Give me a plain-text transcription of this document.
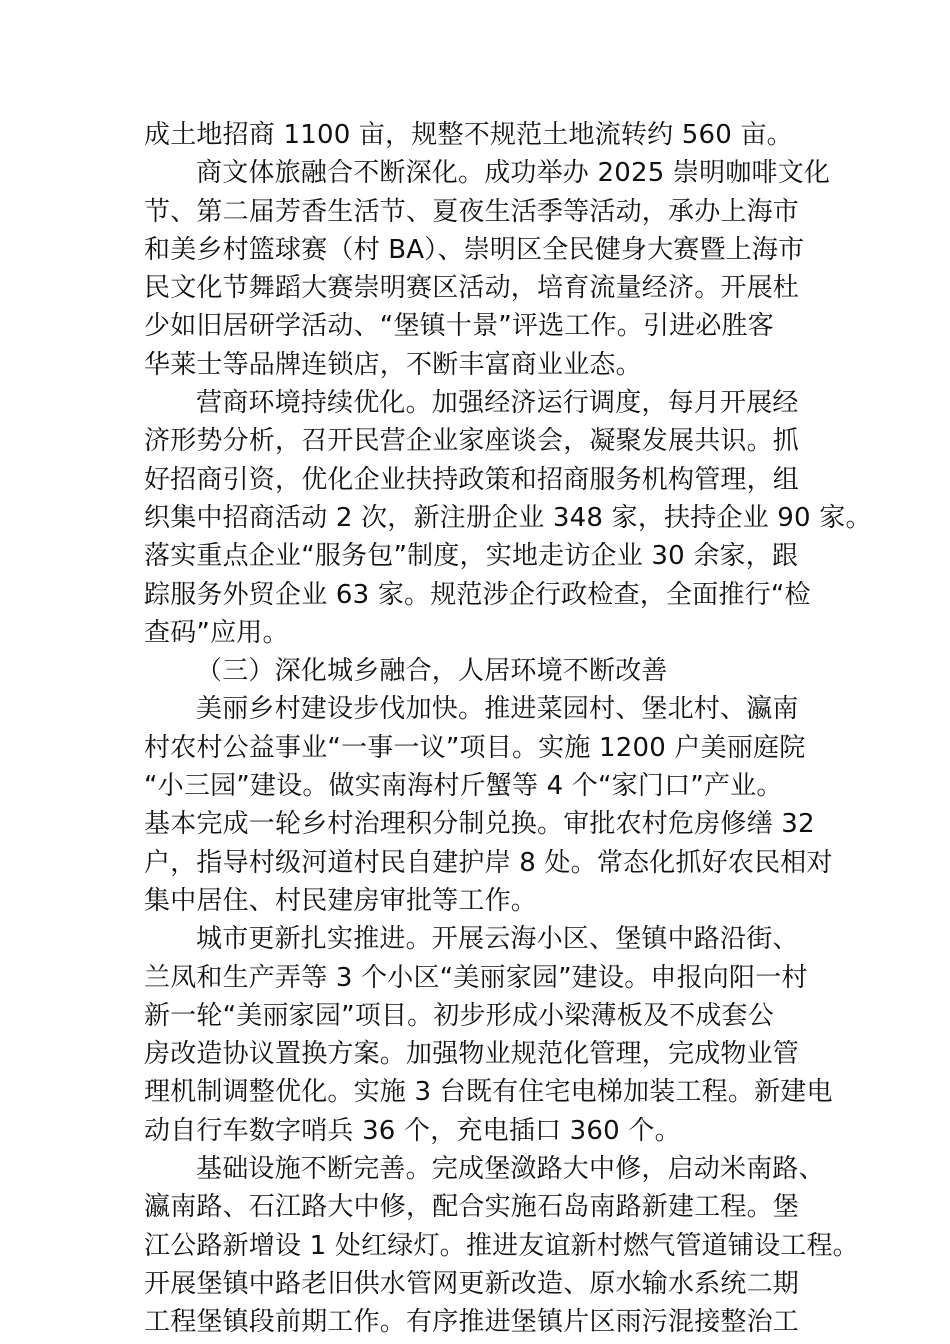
成土地招商 1100 亩，规整不规范土地流转约 560 亩。
商文体旅融合不断深化。成功举办 2025 崇明咖啡文化
节、第二届芳香生活节、夏夜生活季等活动，承办上海市
和美乡村篮球赛（村 BA）、崇明区全民健身大赛暨上海市
民文化节舞蹈大赛崇明赛区活动，培育流量经济。开展杜
少如旧居研学活动、“堡镇十景”评选工作。引进必胜客
华莱士等品牌连锁店，不断丰富商业业态。
营商环境持续优化。加强经济运行调度，每月开展经
济形势分析，召开民营企业家座谈会，凝聚发展共识。抓
好招商引资，优化企业扶持政策和招商服务机构管理，组
织集中招商活动 2 次，新注册企业 348 家，扶持企业 90 家。
落实重点企业“服务包”制度，实地走访企业 30 余家，跟
踪服务外贸企业 63 家。规范涉企行政检查，全面推行“检
查码”应用。
（三）深化城乡融合，人居环境不断改善
美丽乡村建设步伐加快。推进菜园村、堡北村、瀛南
村农村公益事业“一事一议”项目。实施 1200 户美丽庭院
“小三园”建设。做实南海村斤蟹等 4 个“家门口”产业。
基本完成一轮乡村治理积分制兑换。审批农村危房修缮 32
户，指导村级河道村民自建护岸 8 处。常态化抓好农民相对
集中居住、村民建房审批等工作。
城市更新扎实推进。开展云海小区、堡镇中路沿街、
兰凤和生产弄等 3 个小区“美丽家园”建设。申报向阳一村
新一轮“美丽家园”项目。初步形成小梁薄板及不成套公
房改造协议置换方案。加强物业规范化管理，完成物业管
理机制调整优化。实施 3 台既有住宅电梯加装工程。新建电
动自行车数字哨兵 36 个，充电插口 360 个。
基础设施不断完善。完成堡潋路大中修，启动米南路、
瀛南路、石江路大中修，配合实施石岛南路新建工程。堡
江公路新增设 1 处红绿灯。推进友谊新村燃气管道铺设工程。
开展堡镇中路老旧供水管网更新改造、原水输水系统二期
工程堡镇段前期工作。有序推进堡镇片区雨污混接整治工
